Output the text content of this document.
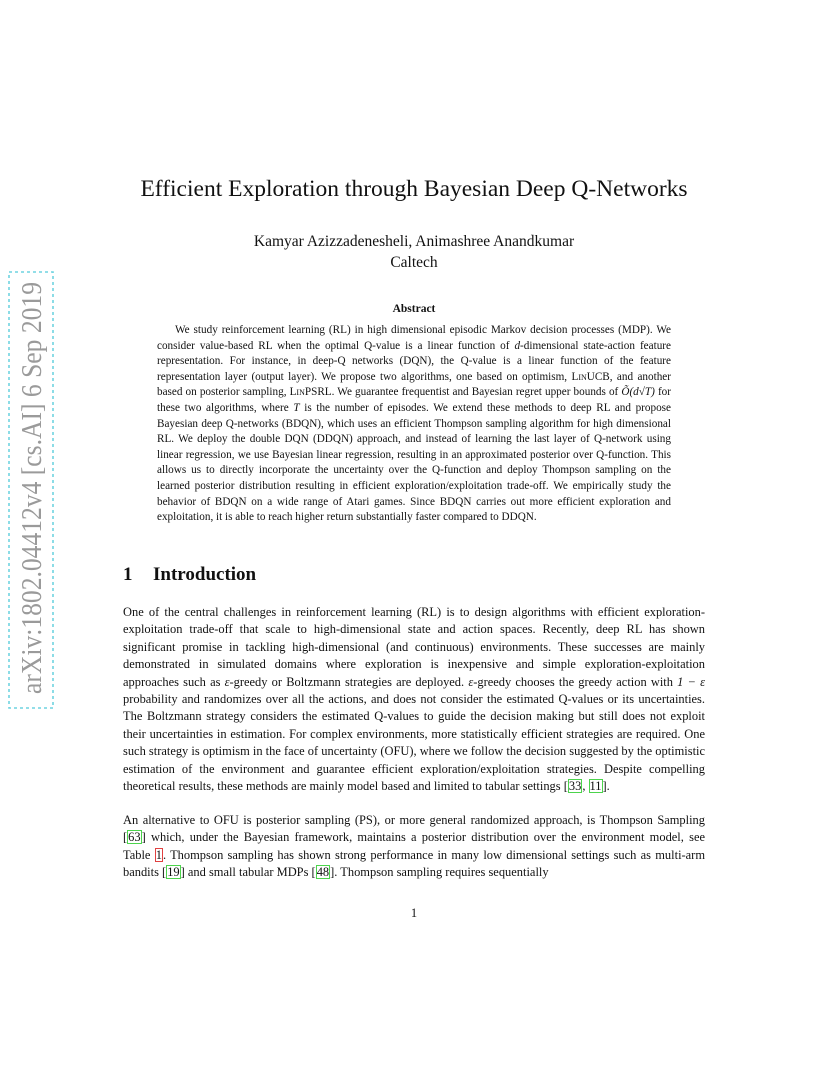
arXiv:1802.04412v4 [cs.AI] 6 Sep 2019
Efficient Exploration through Bayesian Deep Q-Networks
Kamyar Azizzadenesheli, Animashree Anandkumar
Caltech
Abstract

We study reinforcement learning (RL) in high dimensional episodic Markov decision processes (MDP). We consider value-based RL when the optimal Q-value is a linear function of d-dimensional state-action feature representation. For instance, in deep-Q networks (DQN), the Q-value is a linear function of the feature representation layer (output layer). We propose two algorithms, one based on optimism, LinUCB, and another based on posterior sampling, LinPSRL. We guarantee frequentist and Bayesian regret upper bounds of Õ(d√T) for these two algorithms, where T is the number of episodes. We extend these methods to deep RL and propose Bayesian deep Q-networks (BDQN), which uses an efficient Thompson sampling algorithm for high dimensional RL. We deploy the double DQN (DDQN) approach, and instead of learning the last layer of Q-network using linear regression, we use Bayesian linear regression, resulting in an approximated posterior over Q-function. This allows us to directly incorporate the uncertainty over the Q-function and deploy Thompson sampling on the learned posterior distribution resulting in efficient exploration/exploitation trade-off. We empirically study the behavior of BDQN on a wide range of Atari games. Since BDQN carries out more efficient exploration and exploitation, it is able to reach higher return substantially faster compared to DDQN.

1 Introduction

One of the central challenges in reinforcement learning (RL) is to design algorithms with efficient exploration-exploitation trade-off that scale to high-dimensional state and action spaces. Recently, deep RL has shown significant promise in tackling high-dimensional (and continuous) environments. These successes are mainly demonstrated in simulated domains where exploration is inexpensive and simple exploration-exploitation approaches such as ε-greedy or Boltzmann strategies are deployed. ε-greedy chooses the greedy action with 1 − ε probability and randomizes over all the actions, and does not consider the estimated Q-values or its uncertainties. The Boltzmann strategy considers the estimated Q-values to guide the decision making but still does not exploit their uncertainties in estimation. For complex environments, more statistically efficient strategies are required. One such strategy is optimism in the face of uncertainty (OFU), where we follow the decision suggested by the optimistic estimation of the environment and guarantee efficient exploration/exploitation strategies. Despite compelling theoretical results, these methods are mainly model based and limited to tabular settings [33, 11].

An alternative to OFU is posterior sampling (PS), or more general randomized approach, is Thompson Sampling [63] which, under the Bayesian framework, maintains a posterior distribution over the environment model, see Table 1. Thompson sampling has shown strong performance in many low dimensional settings such as multi-arm bandits [19] and small tabular MDPs [48]. Thompson sampling requires sequentially

1
